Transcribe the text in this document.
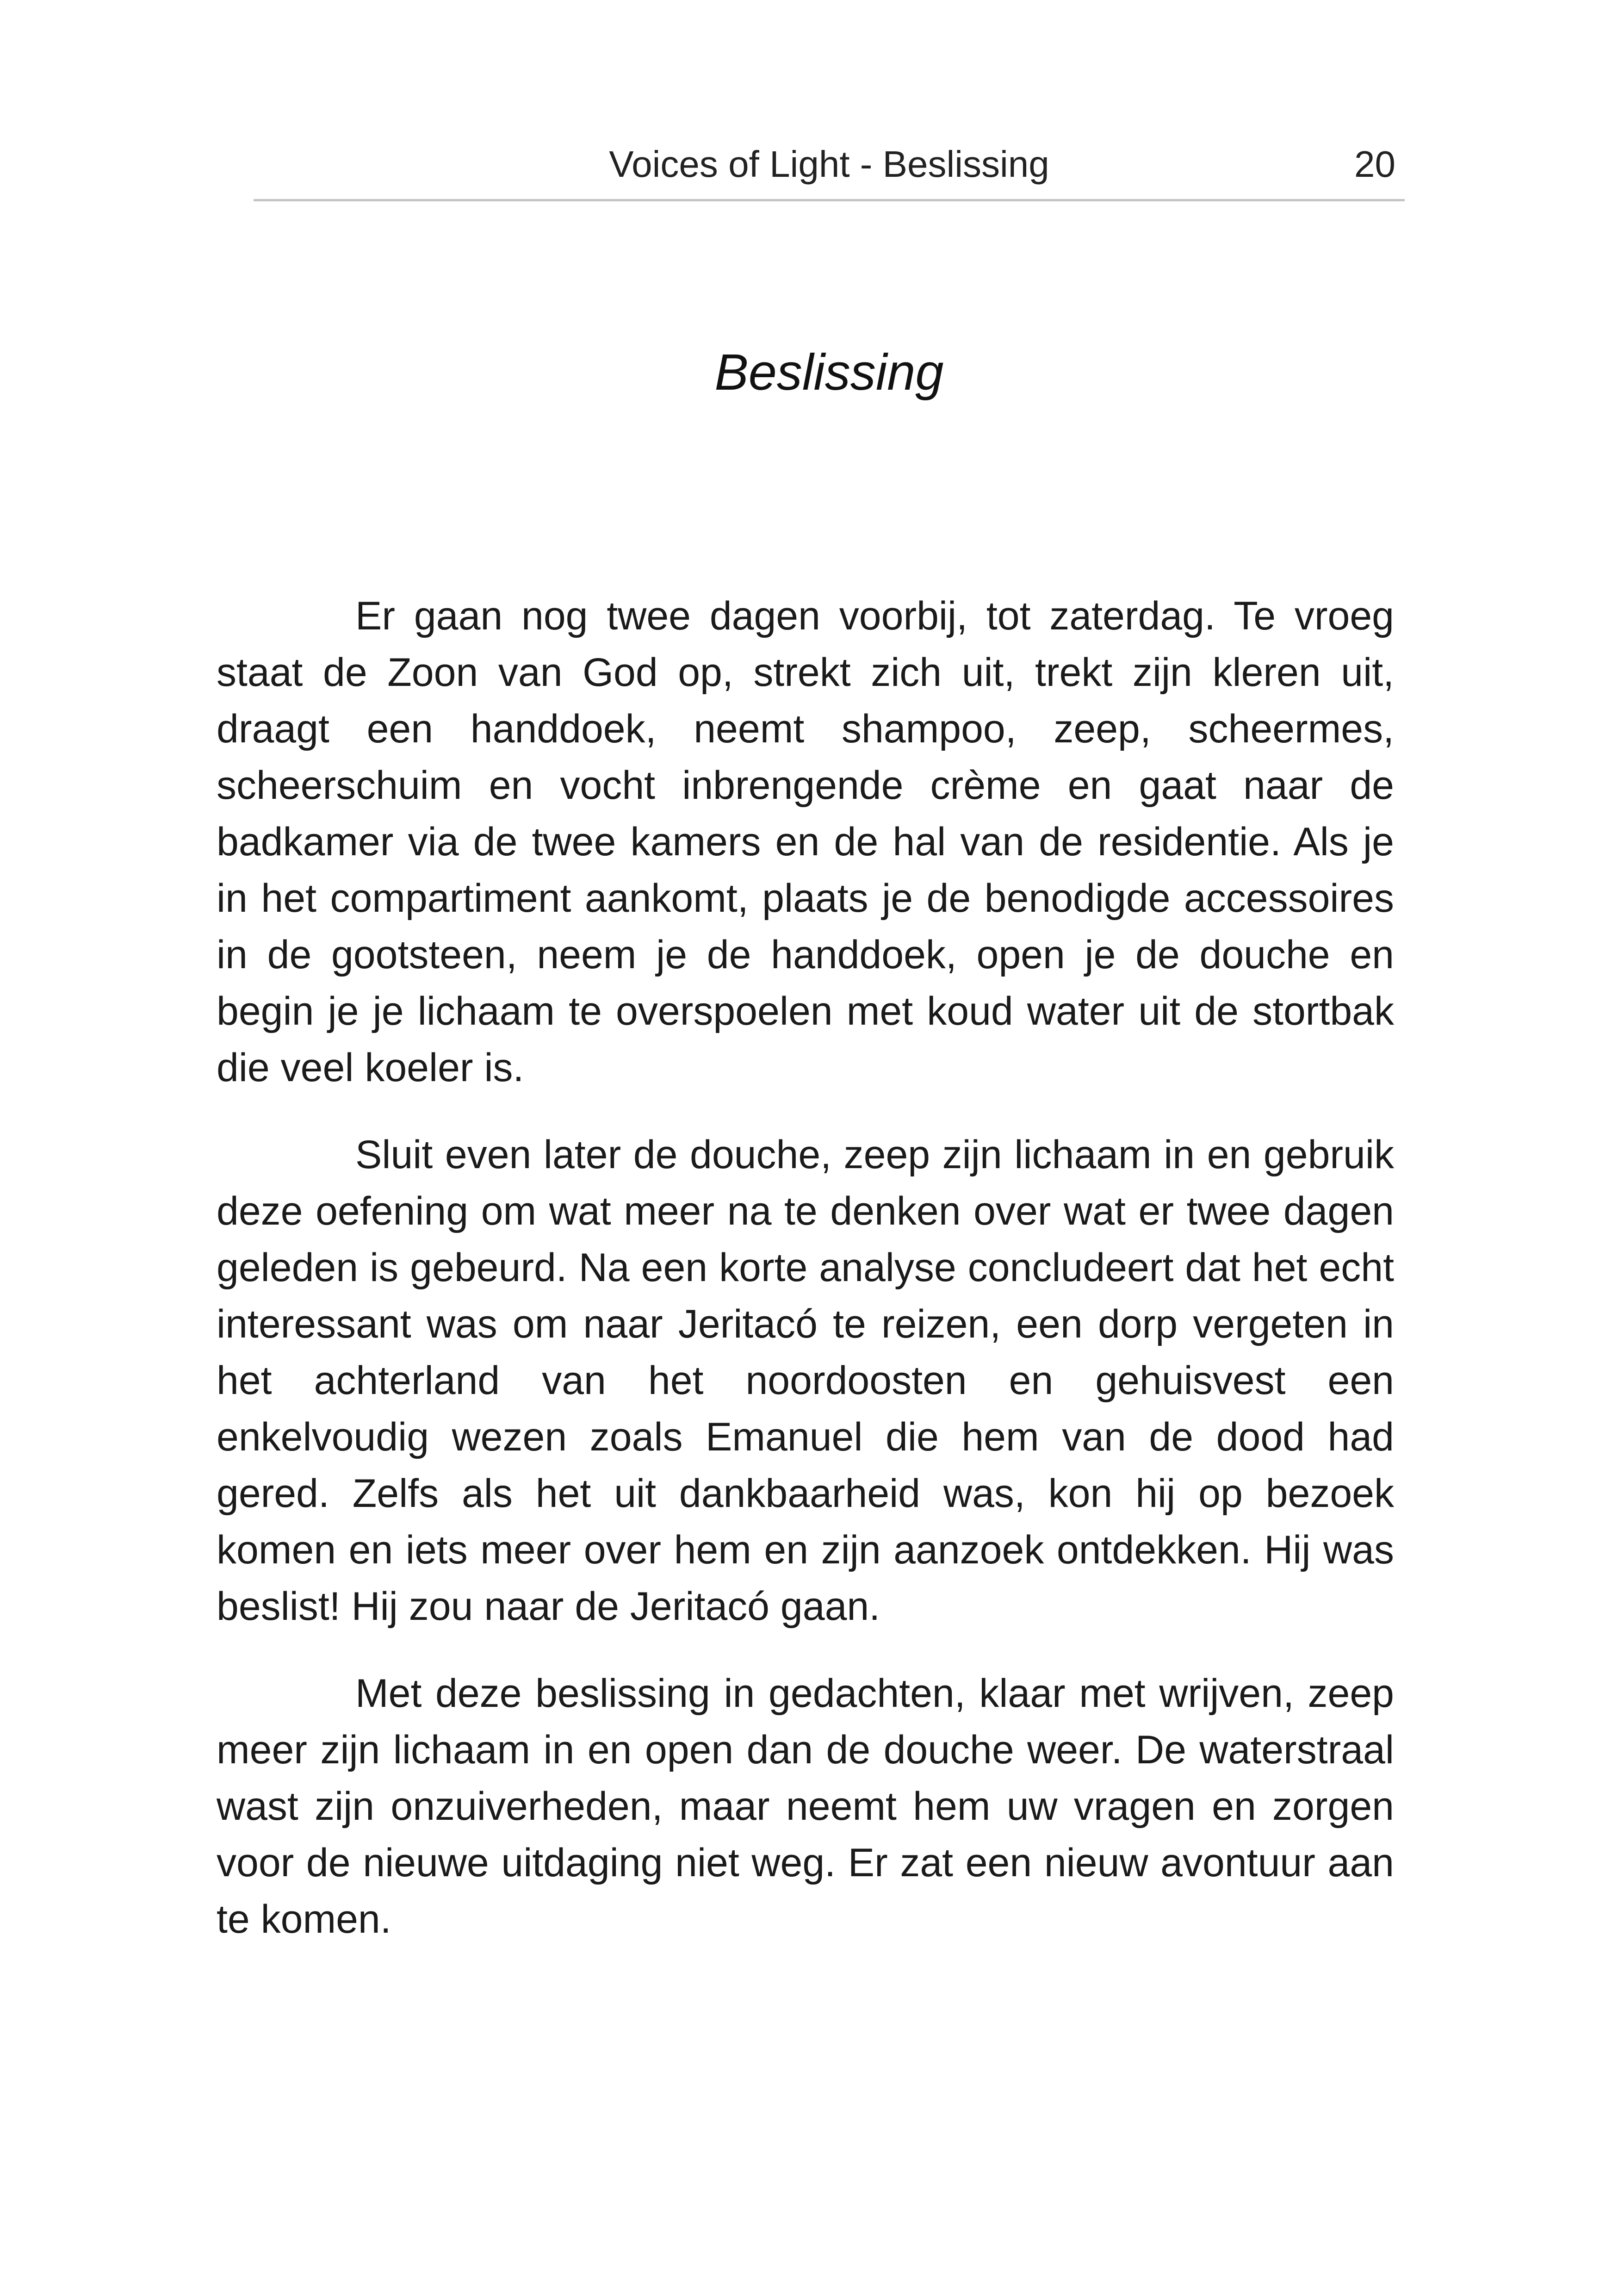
Voices of Light - Beslissing	20
Beslissing

Er gaan nog twee dagen voorbij, tot zaterdag. Te vroeg staat de Zoon van God op, strekt zich uit, trekt zijn kleren uit, draagt een handdoek, neemt shampoo, zeep, scheermes, scheerschuim en vocht inbrengende crème en gaat naar de badkamer via de twee kamers en de hal van de residentie. Als je in het compartiment aankomt, plaats je de benodigde accessoires in de gootsteen, neem je de handdoek, open je de douche en begin je je lichaam te overspoelen met koud water uit de stortbak die veel koeler is.

Sluit even later de douche, zeep zijn lichaam in en gebruik deze oefening om wat meer na te denken over wat er twee dagen geleden is gebeurd. Na een korte analyse concludeert dat het echt interessant was om naar Jeritacó te reizen, een dorp vergeten in het achterland van het noordoosten en gehuisvest een enkelvoudig wezen zoals Emanuel die hem van de dood had gered. Zelfs als het uit dankbaarheid was, kon hij op bezoek komen en iets meer over hem en zijn aanzoek ontdekken. Hij was beslist! Hij zou naar de Jeritacó gaan.

Met deze beslissing in gedachten, klaar met wrijven, zeep meer zijn lichaam in en open dan de douche weer. De waterstraal wast zijn onzuiverheden, maar neemt hem uw vragen en zorgen voor de nieuwe uitdaging niet weg. Er zat een nieuw avontuur aan te komen.
